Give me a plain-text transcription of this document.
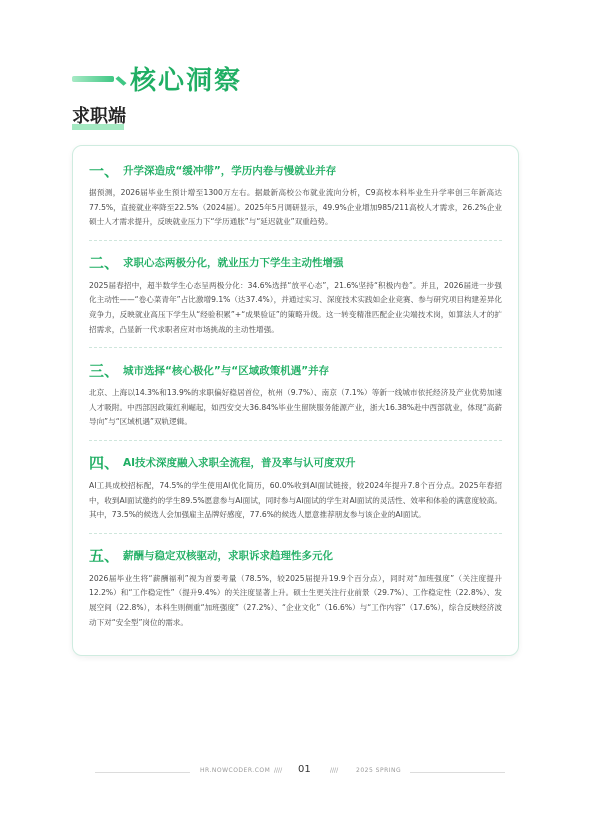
核心洞察
求职端
一、 升学深造成“缓冲带”，学历内卷与慢就业并存
据预测，2026届毕业生预计增至1300万左右。据最新高校公布就业流向分析，C9高校本科毕业生升学率创三年新高达77.5%，直接就业率降至22.5%（2024届）。2025年5月调研显示，49.9%企业增加985/211高校人才需求，26.2%企业硕士人才需求提升，反映就业压力下“学历通胀”与“延迟就业”双重趋势。
二、 求职心态两极分化，就业压力下学生主动性增强
2025届春招中，超半数学生心态呈两极分化：34.6%选择“放平心态”，21.6%坚持“积极内卷”。并且，2026届进一步强化主动性——“卷心菜青年”占比激增9.1%（达37.4%），并通过实习、深度技术实践如企业竞赛、参与研究项目构建差异化竞争力，反映就业高压下学生从“经验积累”+“成果验证”的策略升级。这一转变精准匹配企业尖端技术岗，如算法人才的扩招需求，凸显新一代求职者应对市场挑战的主动性增强。
三、 城市选择“核心极化”与“区域政策机遇”并存
北京、上海以14.3%和13.9%的求职偏好稳居首位，杭州（9.7%）、南京（7.1%）等新一线城市依托经济及产业优势加速人才吸附。中西部因政策红利崛起，如西安交大36.84%毕业生留陕服务能源产业，浙大16.38%赴中西部就业，体现“高薪导向”与“区域机遇”双轨逻辑。
四、 AI技术深度融入求职全流程，普及率与认可度双升
AI工具成校招标配，74.5%的学生使用AI优化简历，60.0%收到AI面试链接，较2024年提升7.8个百分点。2025年春招中，收到AI面试邀约的学生89.5%愿意参与AI面试，同时参与AI面试的学生对AI面试的灵活性、效率和体验的满意度较高。其中，73.5%的候选人会加强雇主品牌好感度，77.6%的候选人愿意推荐朋友参与该企业的AI面试。
五、 薪酬与稳定双核驱动，求职诉求趋理性多元化
2026届毕业生将“薪酬福利”视为首要考量（78.5%，较2025届提升19.9个百分点），同时对“加班强度”（关注度提升12.2%）和“工作稳定性”（提升9.4%）的关注度显著上升。硕士生更关注行业前景（29.7%）、工作稳定性（22.8%）、发展空间（22.8%），本科生则侧重“加班强度”（27.2%）、“企业文化”（16.6%）与“工作内容”（17.6%），综合反映经济波动下对“安全型”岗位的需求。
HR.NOWCODER.COM //// 01	////	2025 SPRING
